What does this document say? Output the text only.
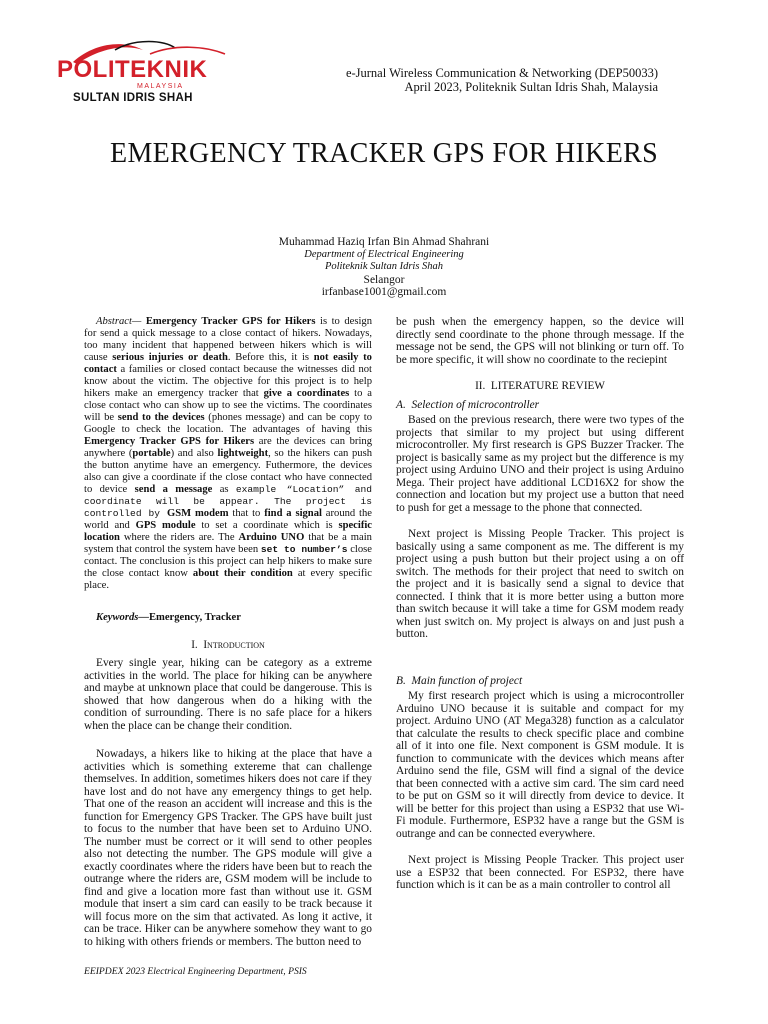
POLITEKNIK
MALAYSIA
SULTAN IDRIS SHAH
e-Jurnal Wireless Communication & Networking (DEP50033)
April 2023, Politeknik Sultan Idris Shah, Malaysia
EMERGENCY TRACKER GPS FOR HIKERS
Muhammad Haziq Irfan Bin Ahmad Shahrani
Department of Electrical Engineering
Politeknik Sultan Idris Shah
Selangor
irfanbase1001@gmail.com

Abstract— Emergency Tracker GPS for Hikers is to design for send a quick message to a close contact of hikers. Nowadays, too many incident that happened between hikers which is will cause serious injuries or death. Before this, it is not easily to contact a families or closed contact because the witnesses did not know about the victim. The objective for this project is to help hikers make an emergency tracker that give a coordinates to a close contact who can show up to see the victims. The coordinates will be send to the devices (phones message) and can be copy to Google to check the location. The advantages of having this Emergency Tracker GPS for Hikers are the devices can bring anywhere (portable) and also lightweight, so the hikers can push the button anytime have an emergency. Futhermore, the devices also can give a coordinate if the close contact who have connected to device send a message as example “Location” and coordinate will be appear. The project is controlled by GSM modem that to find a signal around the world and GPS module to set a coordinate which is specific location where the riders are. The Arduino UNO that be a main system that control the system have been set to number’s close contact. The conclusion is this project can help hikers to make sure the close contact know about their condition at every specific place.

Keywords—Emergency, Tracker

I. Introduction

Every single year, hiking can be category as a extreme activities in the world. The place for hiking can be anywhere and maybe at unknown place that could be dangerouse. This is showed that how dangerous when do a hiking with the condition of surrounding. There is no safe place for a hikers when the place can be change their condition.

Nowadays, a hikers like to hiking at the place that have a activities which is something extereme that can challenge themselves. In addition, sometimes hikers does not care if they have lost and do not have any emergency things to get help. That one of the reason an accident will increase and this is the function for Emergency GPS Tracker. The GPS have built just to focus to the number that have been set to Arduino UNO. The number must be correct or it will send to other peoples also not detecting the number. The GPS module will give a exactly coordinates where the riders have been but to reach the outrange where the riders are, GSM modem will be include to find and give a location more fast than without use it. GSM module that insert a sim card can easily to be track because it will focus more on the sim that activated. As long it active, it can be trace. Hiker can be anywhere somehow they want to go to hiking with others friends or members. The button need to

be push when the emergency happen, so the device will directly send coordinate to the phone through message. If the message not be send, the GPS will not blinking or turn off. To be more specific, it will show no coordinate to the reciepint

II. LITERATURE REVIEW

A. Selection of microcontroller

Based on the previous research, there were two types of the projects that similar to my project but using different microcontroller. My first research is GPS Buzzer Tracker. The project is basically same as my project but the difference is my project using Arduino UNO and their project is using Arduino Mega. Their project have additional LCD16X2 for show the connection and location but my project use a button that need to push for get a message to the phone that connected.

Next project is Missing People Tracker. This project is basically using a same component as me. The different is my project using a push button but their project using a on off switch. The methods for their project that need to switch on the project and it is basically send a signal to device that connected. I think that it is more better using a button more than switch because it will take a time for GSM modem ready when just switch on. My project is always on and just push a button.

B. Main function of project

My first research project which is using a microcontroller Arduino UNO because it is suitable and compact for my project. Arduino UNO (AT Mega328) function as a calculator that calculate the results to check specific place and combine all of it into one file. Next component is GSM module. It is function to communicate with the devices which means after Arduino send the file, GSM will find a signal of the device that been connected with a active sim card. The sim card need to be put on GSM so it will directly from device to device. It will be better for this project than using a ESP32 that use Wi-Fi module. Furthermore, ESP32 have a range but the GSM is outrange and can be connected everywhere.

Next project is Missing People Tracker. This project user use a ESP32 that been connected. For ESP32, there have function which is it can be as a main controller to control all

EEIPDEX 2023 Electrical Engineering Department, PSIS
